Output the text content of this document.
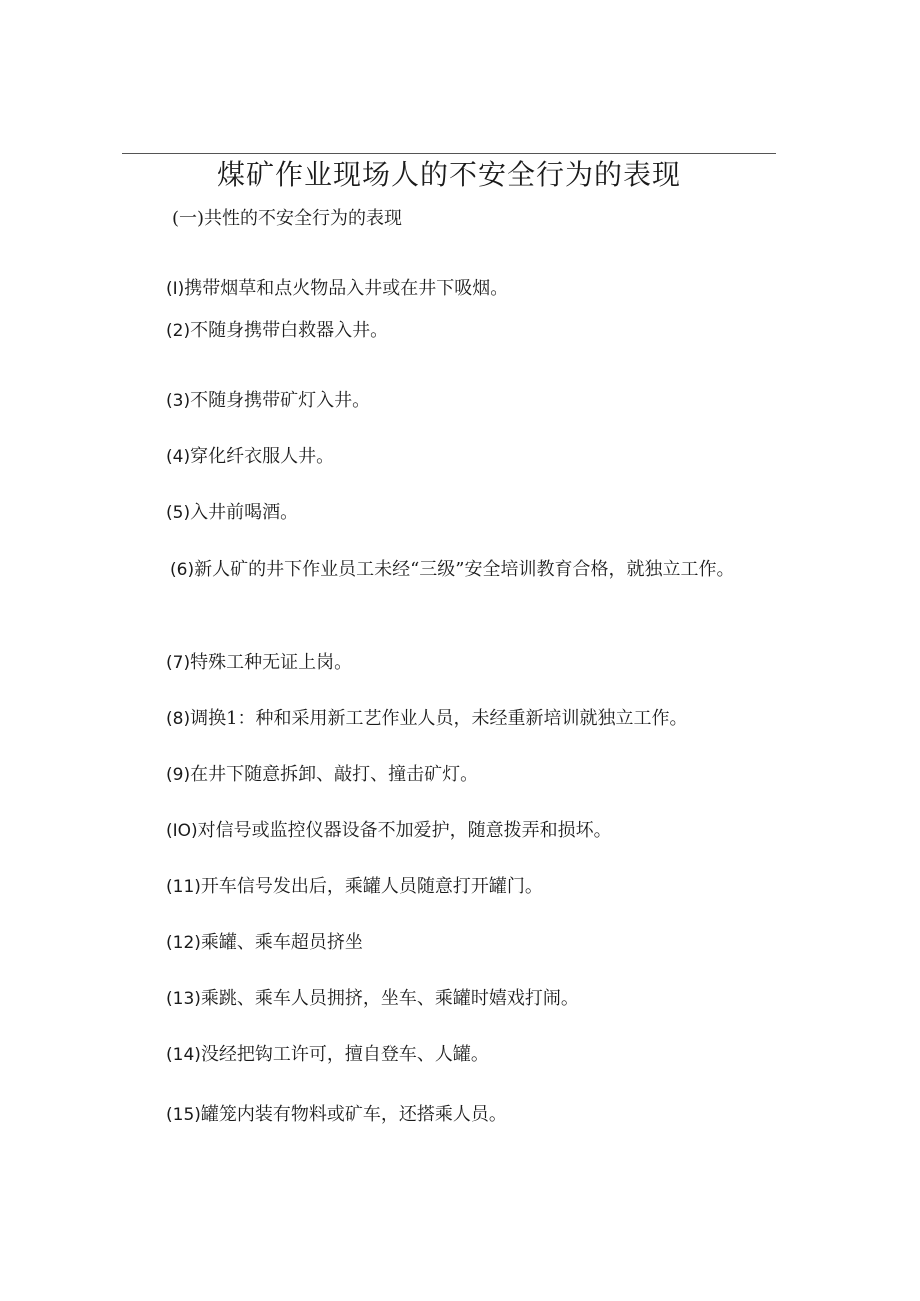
煤矿作业现场人的不安全行为的表现
(一)共性的不安全行为的表现
(I)携带烟草和点火物品入井或在井下吸烟。
(2)不随身携带白救器入井。
(3)不随身携带矿灯入井。
(4)穿化纤衣服人井。
(5)入井前喝酒。
(6)新人矿的井下作业员工未经“三级”安全培训教育合格，就独立工作。
(7)特殊工种无证上岗。
(8)调换1：种和采用新工艺作业人员，未经重新培训就独立工作。
(9)在井下随意拆卸、敲打、撞击矿灯。
(IO)对信号或监控仪器设备不加爱护，随意拨弄和损坏。
(11)开车信号发出后，乘罐人员随意打开罐门。
(12)乘罐、乘车超员挤坐
(13)乘跳、乘车人员拥挤，坐车、乘罐时嬉戏打闹。
(14)没经把钩工许可，擅自登车、人罐。
(15)罐笼内装有物料或矿车，还搭乘人员。
